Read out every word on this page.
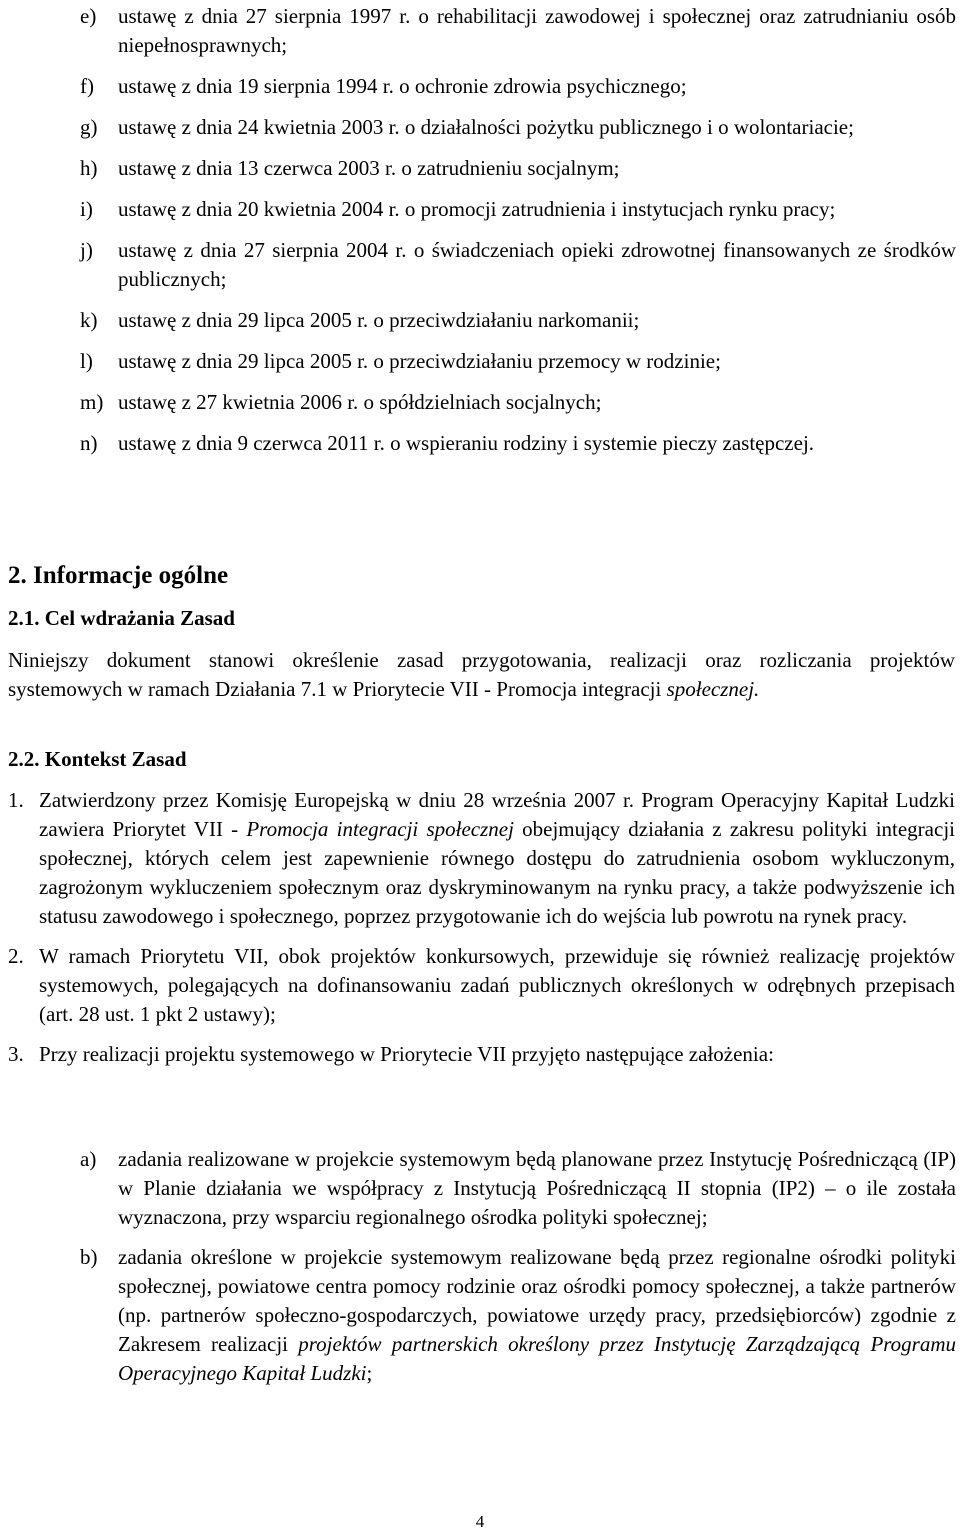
e) ustawę z dnia 27 sierpnia 1997 r. o rehabilitacji zawodowej i społecznej oraz zatrudnianiu osób niepełnosprawnych;
f) ustawę z dnia 19 sierpnia 1994 r. o ochronie zdrowia psychicznego;
g) ustawę z dnia 24 kwietnia 2003 r. o działalności pożytku publicznego i o wolontariacie;
h) ustawę z dnia 13 czerwca 2003 r. o zatrudnieniu socjalnym;
i) ustawę z dnia 20 kwietnia 2004 r. o promocji zatrudnienia i instytucjach rynku pracy;
j) ustawę z dnia 27 sierpnia 2004 r. o świadczeniach opieki zdrowotnej finansowanych ze środków publicznych;
k) ustawę z dnia 29 lipca 2005 r. o przeciwdziałaniu narkomanii;
l) ustawę z dnia 29 lipca 2005 r. o przeciwdziałaniu przemocy w rodzinie;
m) ustawę z 27 kwietnia 2006 r. o spółdzielniach socjalnych;
n) ustawę z dnia 9 czerwca 2011 r. o wspieraniu rodziny i systemie pieczy zastępczej.
2. Informacje ogólne
2.1. Cel wdrażania Zasad

Niniejszy dokument stanowi określenie zasad przygotowania, realizacji oraz rozliczania projektów systemowych w ramach Działania 7.1 w Priorytecie VII - Promocja integracji społecznej.

2.2. Kontekst Zasad
1. Zatwierdzony przez Komisję Europejską w dniu 28 września 2007 r. Program Operacyjny Kapitał Ludzki zawiera Priorytet VII - Promocja integracji społecznej obejmujący działania z zakresu polityki integracji społecznej, których celem jest zapewnienie równego dostępu do zatrudnienia osobom wykluczonym, zagrożonym wykluczeniem społecznym oraz dyskryminowanym na rynku pracy, a także podwyższenie ich statusu zawodowego i społecznego, poprzez przygotowanie ich do wejścia lub powrotu na rynek pracy.
2. W ramach Priorytetu VII, obok projektów konkursowych, przewiduje się również realizację projektów systemowych, polegających na dofinansowaniu zadań publicznych określonych w odrębnych przepisach (art. 28 ust. 1 pkt 2 ustawy);
3. Przy realizacji projektu systemowego w Priorytecie VII przyjęto następujące założenia:
a) zadania realizowane w projekcie systemowym będą planowane przez Instytucję Pośredniczącą (IP) w Planie działania we współpracy z Instytucją Pośredniczącą II stopnia (IP2) – o ile została wyznaczona, przy wsparciu regionalnego ośrodka polityki społecznej;
b) zadania określone w projekcie systemowym realizowane będą przez regionalne ośrodki polityki społecznej, powiatowe centra pomocy rodzinie oraz ośrodki pomocy społecznej, a także partnerów (np. partnerów społeczno-gospodarczych, powiatowe urzędy pracy, przedsiębiorców) zgodnie z Zakresem realizacji projektów partnerskich określony przez Instytucję Zarządzającą Programu Operacyjnego Kapitał Ludzki;
4
